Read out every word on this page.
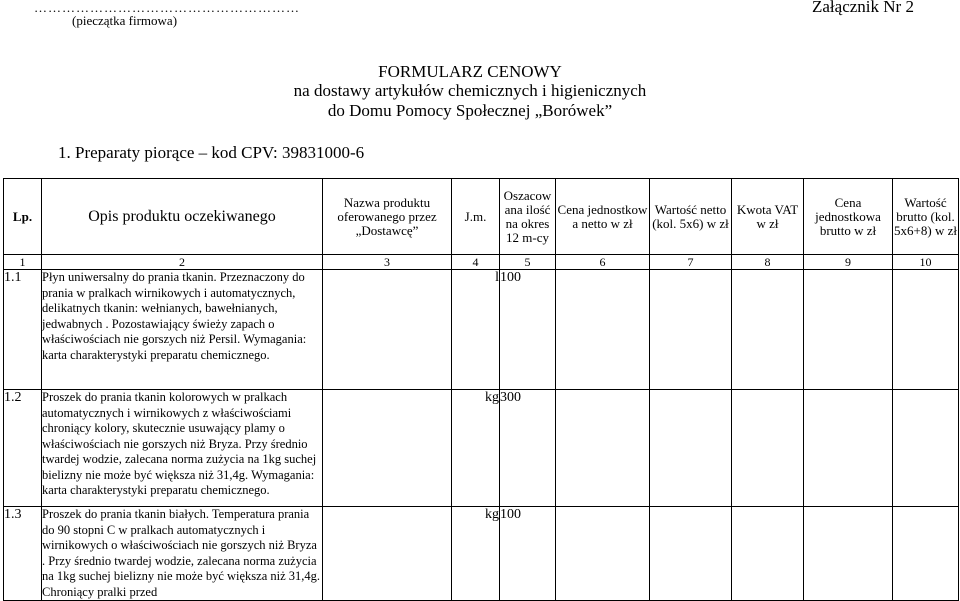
…………………………………………………
(pieczątka firmowa)
Załącznik Nr 2
FORMULARZ CENOWY
na dostawy artykułów chemicznych i higienicznych
do Domu Pomocy Społecznej „Borówek”
1. Preparaty piorące – kod CPV: 39831000-6
Lp.	Opis produktu oczekiwanego	Nazwa produktu oferowanego przez „Dostawcę”	J.m.	Oszacow ana ilość na okres 12 m-cy	Cena jednostkow a netto w zł	Wartość netto (kol. 5x6) w zł	Kwota VAT w zł	Cena jednostkowa brutto w zł	Wartość brutto (kol. 5x6+8) w zł
1	2	3	4	5	6	7	8	9	10
1.1	Płyn uniwersalny do prania tkanin. Przeznaczony do prania w pralkach wirnikowych i automatycznych, delikatnych tkanin: wełnianych, bawełnianych, jedwabnych . Pozostawiający świeży zapach o właściwościach nie gorszych niż Persil. Wymagania: karta charakterystyki preparatu chemicznego.		l	100					
1.2	Proszek do prania tkanin kolorowych w pralkach automatycznych i wirnikowych z właściwościami chroniący kolory, skutecznie usuwający plamy o właściwościach nie gorszych niż Bryza. Przy średnio twardej wodzie, zalecana norma zużycia na 1kg suchej bielizny nie może być większa niż 31,4g. Wymagania: karta charakterystyki preparatu chemicznego.		kg	300					
1.3	Proszek do prania tkanin białych. Temperatura prania do 90 stopni C w pralkach automatycznych i wirnikowych o właściwościach nie gorszych niż Bryza . Przy średnio twardej wodzie, zalecana norma zużycia na 1kg suchej bielizny nie może być większa niż 31,4g. Chroniący pralki przed		kg	100					
